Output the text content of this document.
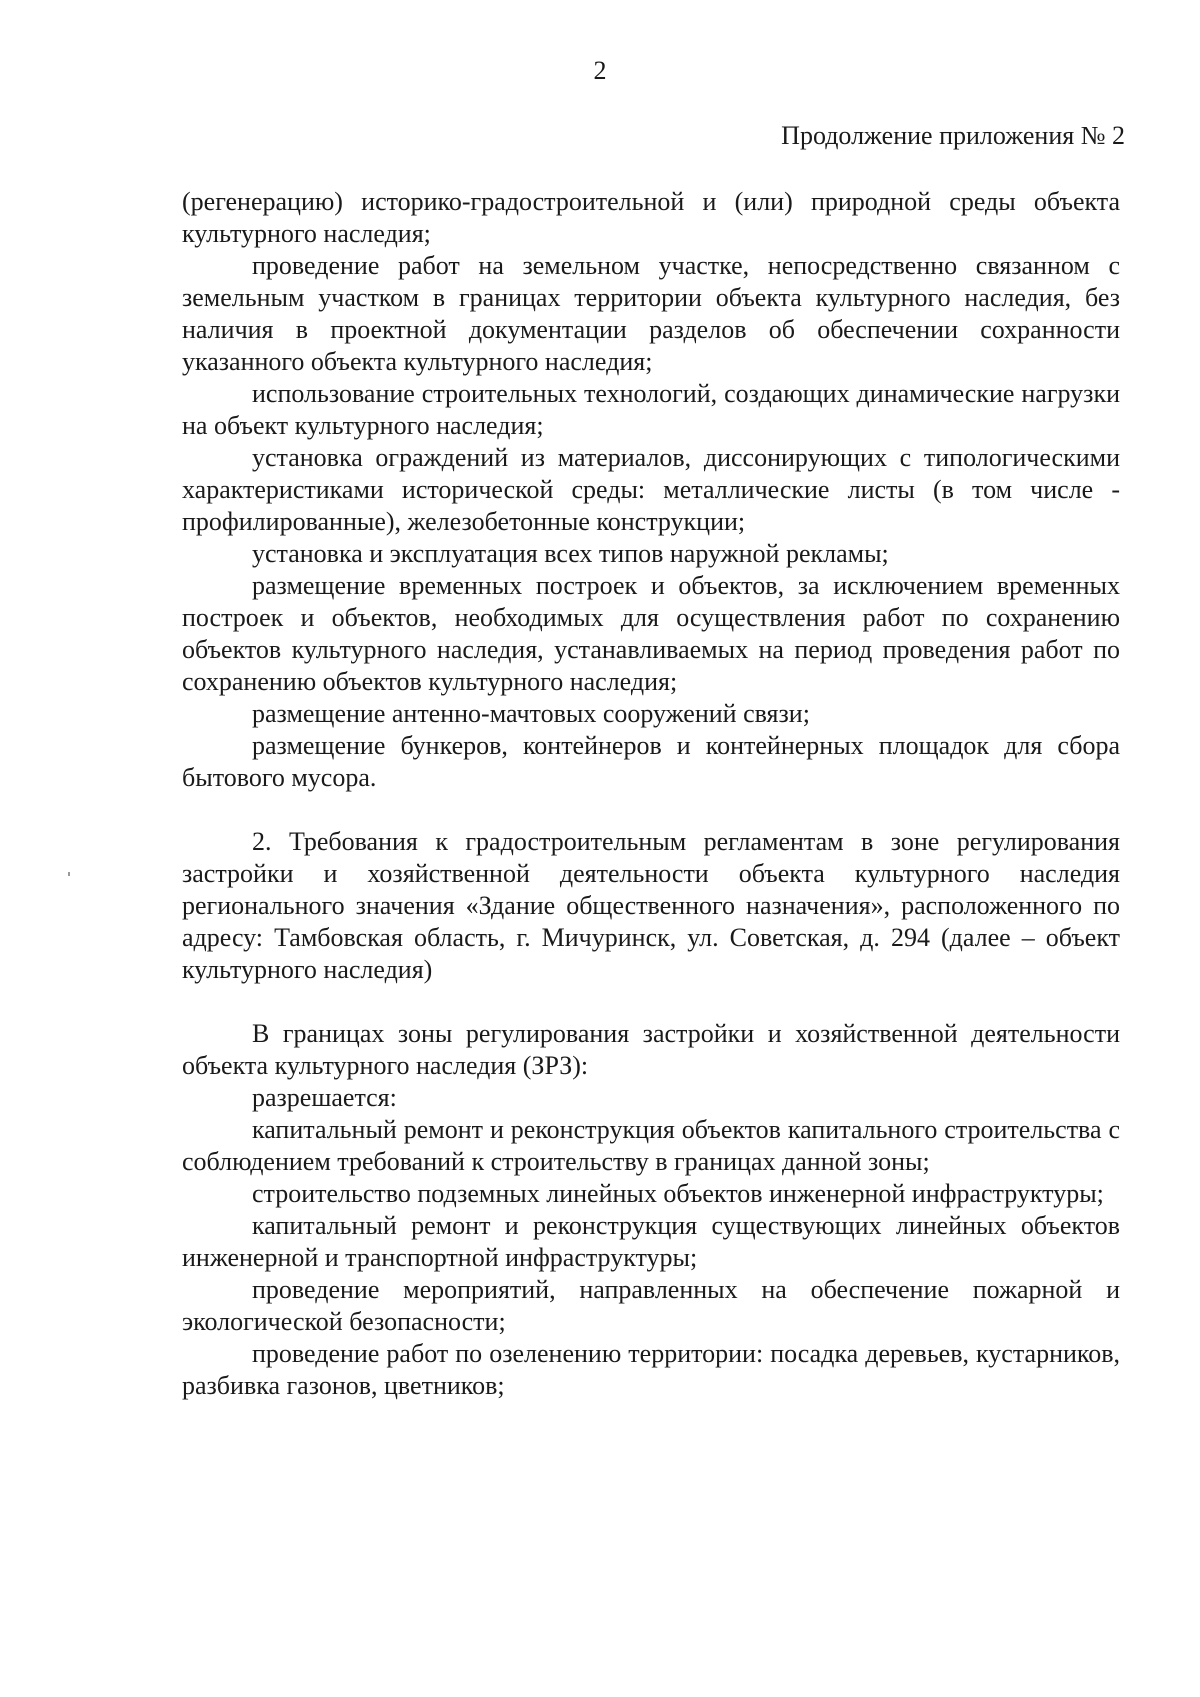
2
Продолжение приложения № 2

(регенерацию) историко-градостроительной и (или) природной среды объекта культурного наследия;

проведение работ на земельном участке, непосредственно связанном с земельным участком в границах территории объекта культурного наследия, без наличия в проектной документации разделов об обеспечении сохранности указанного объекта культурного наследия;

использование строительных технологий, создающих динамические нагрузки на объект культурного наследия;

установка ограждений из материалов, диссонирующих с типологическими характеристиками исторической среды: металлические листы (в том числе - профилированные), железобетонные конструкции;

установка и эксплуатация всех типов наружной рекламы;

размещение временных построек и объектов, за исключением временных построек и объектов, необходимых для осуществления работ по сохранению объектов культурного наследия, устанавливаемых на период проведения работ по сохранению объектов культурного наследия;

размещение антенно-мачтовых сооружений связи;

размещение бункеров, контейнеров и контейнерных площадок для сбора бытового мусора.

2. Требования к градостроительным регламентам в зоне регулирования застройки и хозяйственной деятельности объекта культурного наследия регионального значения «Здание общественного назначения», расположенного по адресу: Тамбовская область, г. Мичуринск, ул. Советская, д. 294 (далее – объект культурного наследия)

В границах зоны регулирования застройки и хозяйственной деятельности объекта культурного наследия (ЗРЗ):

разрешается:

капитальный ремонт и реконструкция объектов капитального строительства с соблюдением требований к строительству в границах данной зоны;

строительство подземных линейных объектов инженерной инфраструктуры;

капитальный ремонт и реконструкция существующих линейных объектов инженерной и транспортной инфраструктуры;

проведение мероприятий, направленных на обеспечение пожарной и экологической безопасности;

проведение работ по озеленению территории: посадка деревьев, кустарников, разбивка газонов, цветников;
